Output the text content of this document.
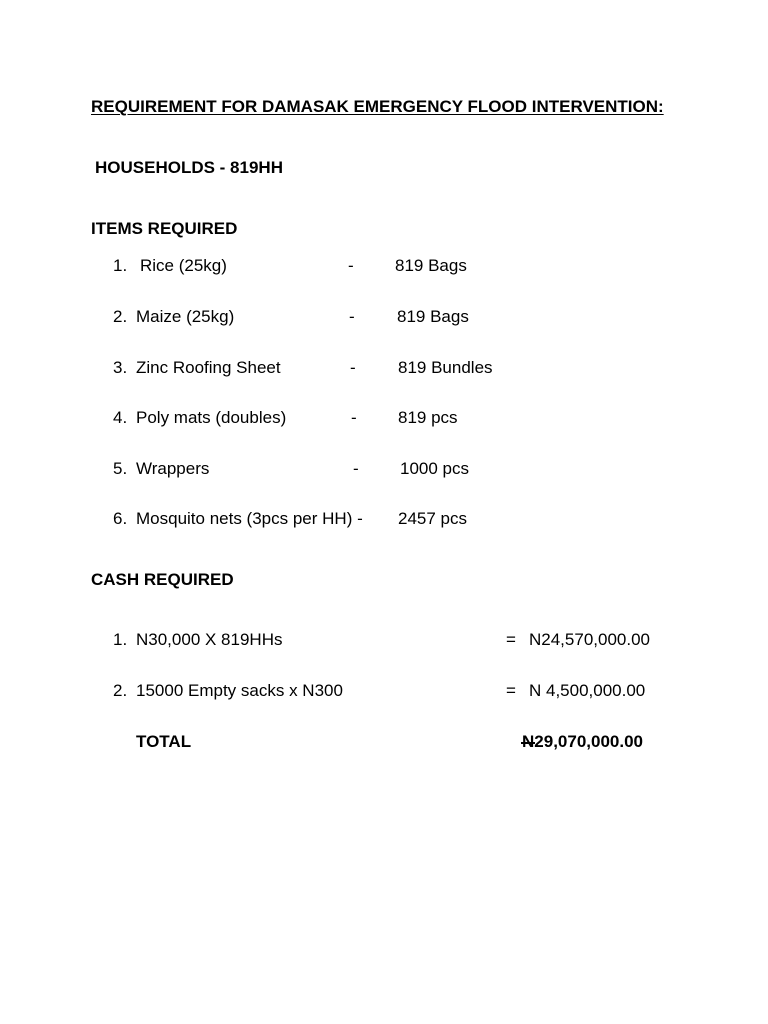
REQUIREMENT FOR DAMASAK EMERGENCY FLOOD INTERVENTION:
HOUSEHOLDS - 819HH
ITEMS REQUIRED
1. Rice (25kg)	- 819 Bags
2. Maize (25kg)	- 819 Bags
3. Zinc Roofing Sheet	- 819 Bundles
4. Poly mats (doubles)	- 819 pcs
5. Wrappers	- 1000 pcs
6. Mosquito nets (3pcs per HH) - 2457 pcs
CASH REQUIRED
1. N30,000 X 819HHs	= N24,570,000.00
2. 15000 Empty sacks x N300	= N 4,500,000.00
TOTAL	N29,070,000.00
